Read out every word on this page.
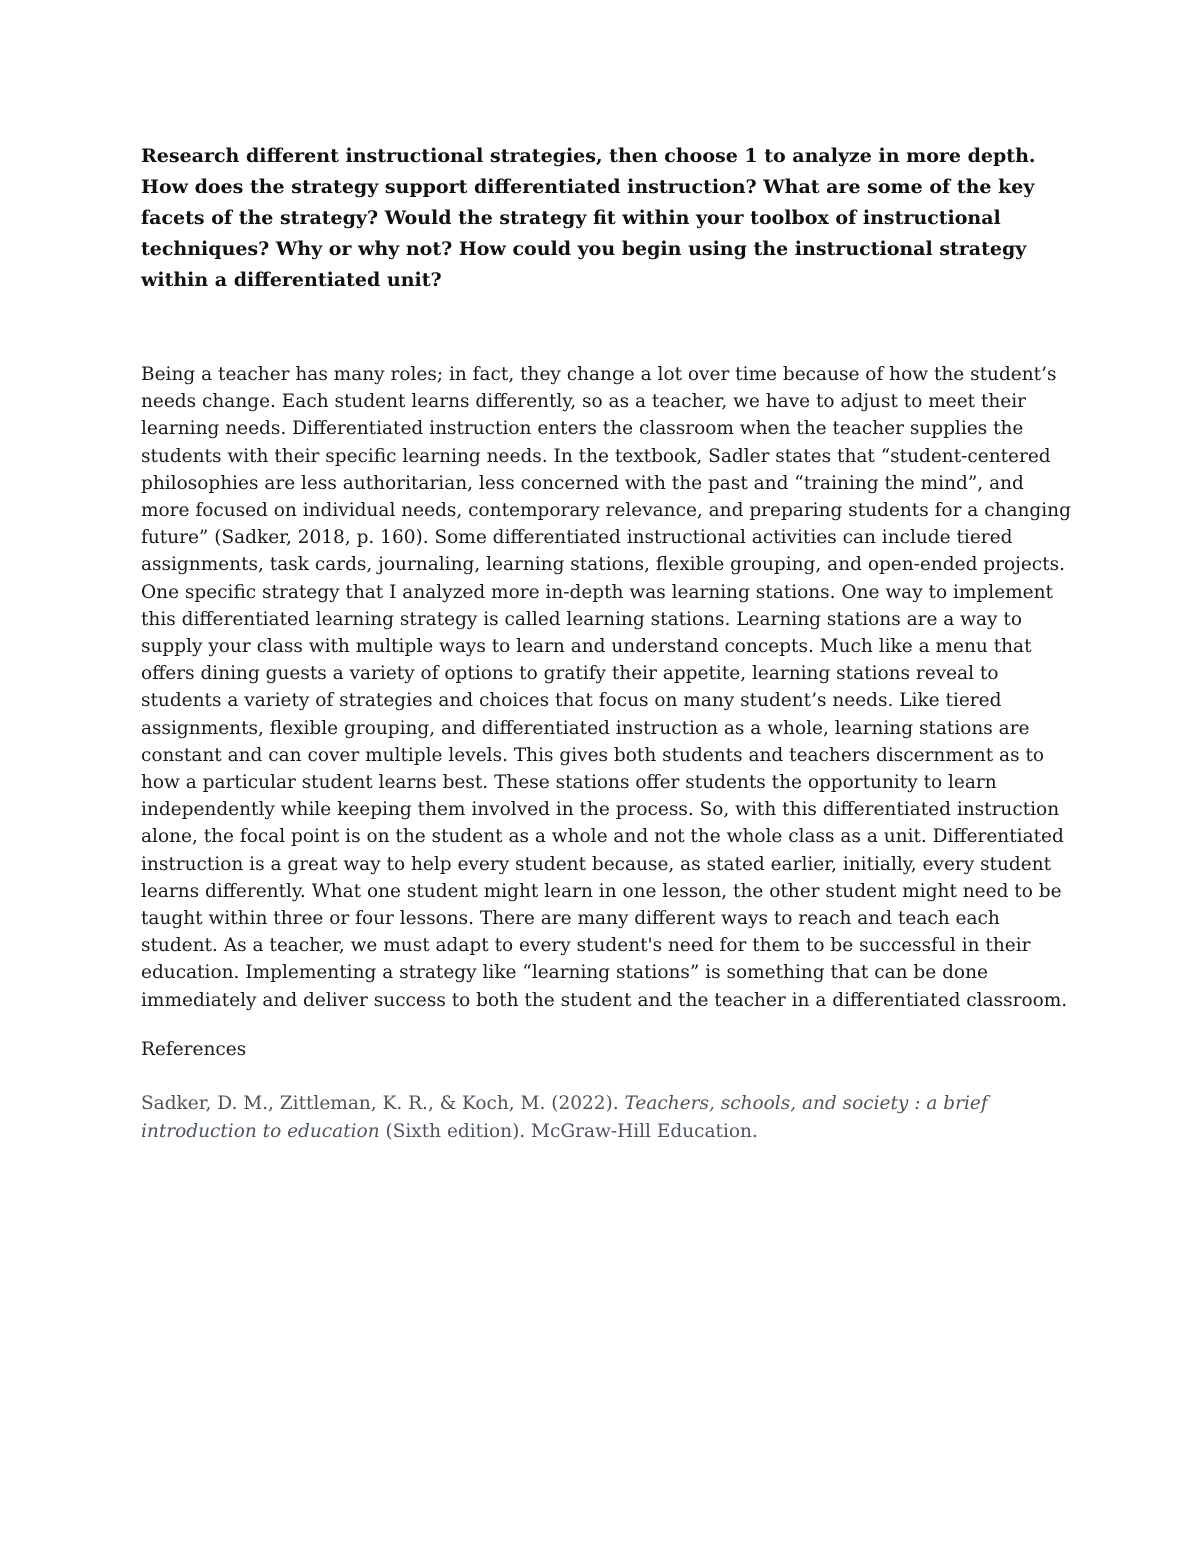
Research different instructional strategies, then choose 1 to analyze in more depth. How does the strategy support differentiated instruction? What are some of the key facets of the strategy? Would the strategy fit within your toolbox of instructional techniques? Why or why not? How could you begin using the instructional strategy within a differentiated unit?

Being a teacher has many roles; in fact, they change a lot over time because of how the student’s needs change. Each student learns differently, so as a teacher, we have to adjust to meet their learning needs. Differentiated instruction enters the classroom when the teacher supplies the students with their specific learning needs. In the textbook, Sadler states that “student-centered philosophies are less authoritarian, less concerned with the past and “training the mind”, and more focused on individual needs, contemporary relevance, and preparing students for a changing future” (Sadker, 2018, p. 160). Some differentiated instructional activities can include tiered assignments, task cards, journaling, learning stations, flexible grouping, and open-ended projects. One specific strategy that I analyzed more in-depth was learning stations. One way to implement this differentiated learning strategy is called learning stations. Learning stations are a way to supply your class with multiple ways to learn and understand concepts. Much like a menu that offers dining guests a variety of options to gratify their appetite, learning stations reveal to students a variety of strategies and choices that focus on many student’s needs. Like tiered assignments, flexible grouping, and differentiated instruction as a whole, learning stations are constant and can cover multiple levels. This gives both students and teachers discernment as to how a particular student learns best. These stations offer students the opportunity to learn independently while keeping them involved in the process. So, with this differentiated instruction alone, the focal point is on the student as a whole and not the whole class as a unit. Differentiated instruction is a great way to help every student because, as stated earlier, initially, every student learns differently. What one student might learn in one lesson, the other student might need to be taught within three or four lessons. There are many different ways to reach and teach each student. As a teacher, we must adapt to every student's need for them to be successful in their education. Implementing a strategy like “learning stations” is something that can be done immediately and deliver success to both the student and the teacher in a differentiated classroom.

References

Sadker, D. M., Zittleman, K. R., & Koch, M. (2022). Teachers, schools, and society : a brief introduction to education (Sixth edition). McGraw-Hill Education.
